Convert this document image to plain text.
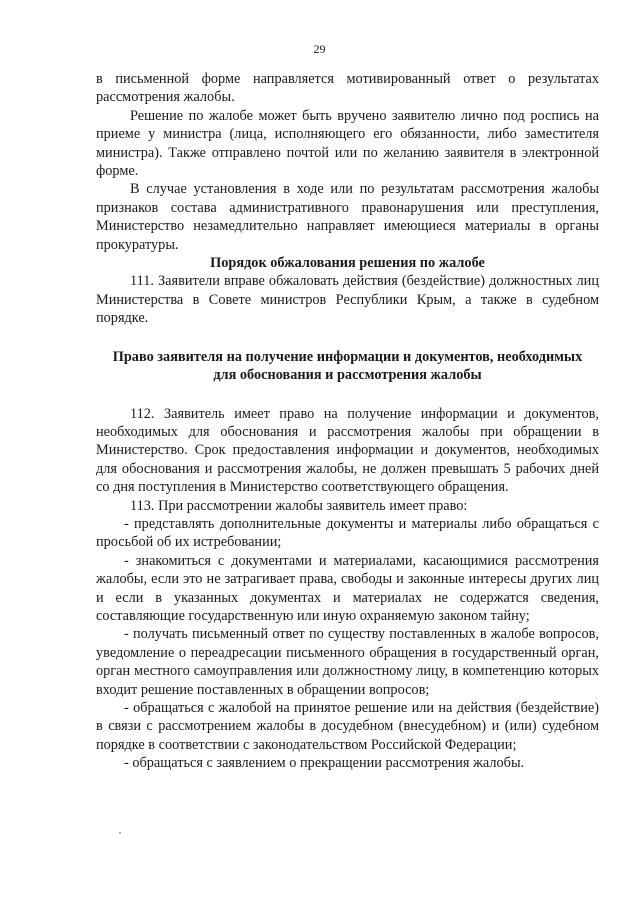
29

в письменной форме направляется мотивированный ответ о результатах рассмотрения жалобы.

Решение по жалобе может быть вручено заявителю лично под роспись на приеме у министра (лица, исполняющего его обязанности, либо заместителя министра). Также отправлено почтой или по желанию заявителя в электронной форме.

В случае установления в ходе или по результатам рассмотрения жалобы признаков состава административного правонарушения или преступления, Министерство незамедлительно направляет имеющиеся материалы в органы прокуратуры.

Порядок обжалования решения по жалобе

111. Заявители вправе обжаловать действия (бездействие) должностных лиц Министерства в Совете министров Республики Крым, а также в судебном порядке.

Право заявителя на получение информации и документов, необходимых
для обоснования и рассмотрения жалобы

112. Заявитель имеет право на получение информации и документов, необходимых для обоснования и рассмотрения жалобы при обращении в Министерство. Срок предоставления информации и документов, необходимых для обоснования и рассмотрения жалобы, не должен превышать 5 рабочих дней со дня поступления в Министерство соответствующего обращения.

113. При рассмотрении жалобы заявитель имеет право:

- представлять дополнительные документы и материалы либо обращаться с просьбой об их истребовании;

- знакомиться с документами и материалами, касающимися рассмотрения жалобы, если это не затрагивает права, свободы и законные интересы других лиц и если в указанных документах и материалах не содержатся сведения, составляющие государственную или иную охраняемую законом тайну;

- получать письменный ответ по существу поставленных в жалобе вопросов, уведомление о переадресации письменного обращения в государственный орган, орган местного самоуправления или должностному лицу, в компетенцию которых входит решение поставленных в обращении вопросов;

- обращаться с жалобой на принятое решение или на действия (бездействие) в связи с рассмотрением жалобы в досудебном (внесудебном) и (или) судебном порядке в соответствии с законодательством Российской Федерации;

- обращаться с заявлением о прекращении рассмотрения жалобы.
